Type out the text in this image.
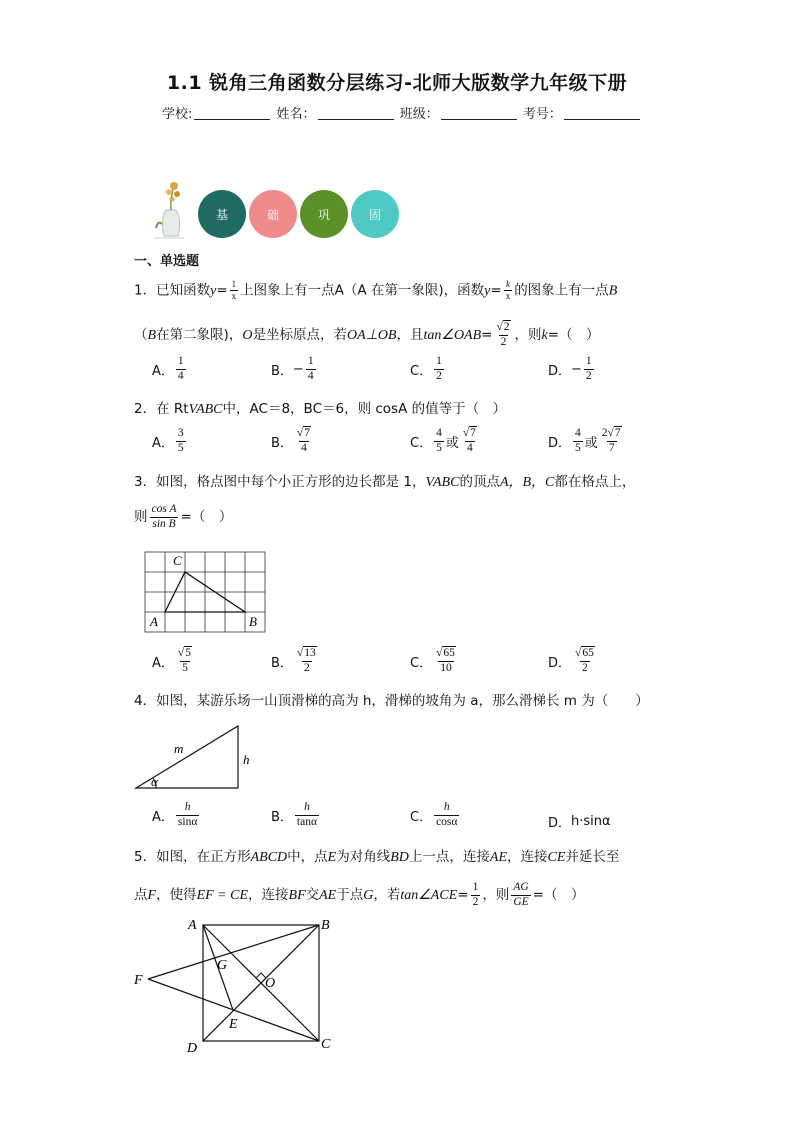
1.1 锐角三角函数分层练习-北师大版数学九年级下册
学校:	姓名：	班级：	考号：
基	础	巩	固
一、单选题
1．已知函数$y= \frac{1}{x}$ 上图象上有一点A（A 在第一象限)，函数$y= \frac{k}{x}$ 的图象上有一点B
（B在第二象限)，O是坐标原点，若OA⊥OB，且tan∠OAB= $\frac{√2}{2}$ ，则k=（　）
A． $\frac{1}{4}$	B． − $\frac{1}{4}$	C． $\frac{1}{2}$	D． − $\frac{1}{2}$
2．在 RtVABC中，AC＝8，BC＝6，则 cosA 的值等于（　）
A． $\frac{3}{5}$	B． $\frac{√7}{4}$	C． $\frac{4}{5}$ 或 $\frac{√7}{4}$	D． $\frac{4}{5}$ 或 $\frac{2√7}{7}$
3．如图，格点图中每个小正方形的边长都是 1，VABC的顶点A，B，C都在格点上，
则 $\frac{\text{cos A}}{\text{sin B}}$ =（　）
C
A	B
A． $\frac{√5}{5}$	B． $\frac{√13}{2}$	C． $\frac{√65}{10}$	D． $\frac{√65}{2}$
4．如图，某游乐场一山顶滑梯的高为 h，滑梯的坡角为 a，那么滑梯长 m 为（　　）
m
h
α
A． $\frac{h}{\sin\alpha}$	B． $\frac{h}{\tan\alpha}$	C． $\frac{h}{\cos\alpha}$	D． h·sinα
5．如图，在正方形ABCD中，点E为对角线BD上一点，连接AE，连接CE并延长至
点F，使得EF = CE，连接BF交AE于点G，若tan∠ACE= $\frac{1}{2}$ ，则 $\frac{AG}{GE}$ =（　）
A	B
C
D
E
F
G
O
